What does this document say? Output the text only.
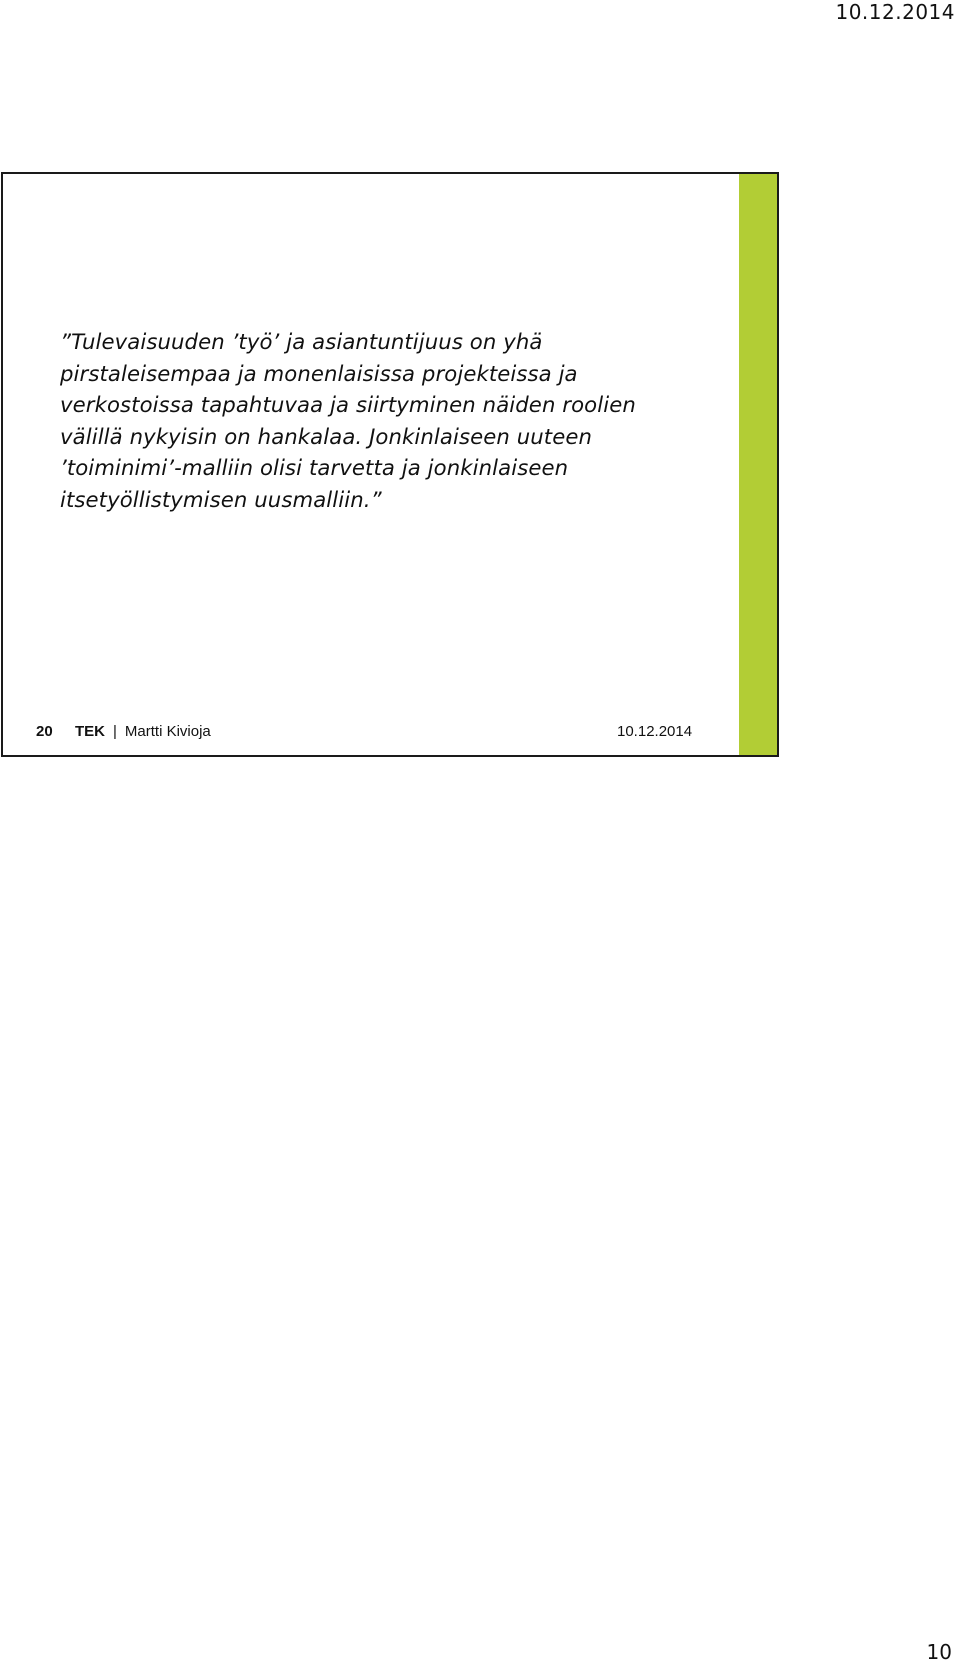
10.12.2014

”Tulevaisuuden ’työ’ ja asiantuntijuus on yhä
pirstaleisempaa ja monenlaisissa projekteissa ja
verkostoissa tapahtuvaa ja siirtyminen näiden roolien
välillä nykyisin on hankalaa. Jonkinlaiseen uuteen
’toiminimi’-malliin olisi tarvetta ja jonkinlaiseen
itsetyöllistymisen uusmalliin.”

20 TEK | Martti Kivioja	10.12.2014
10
